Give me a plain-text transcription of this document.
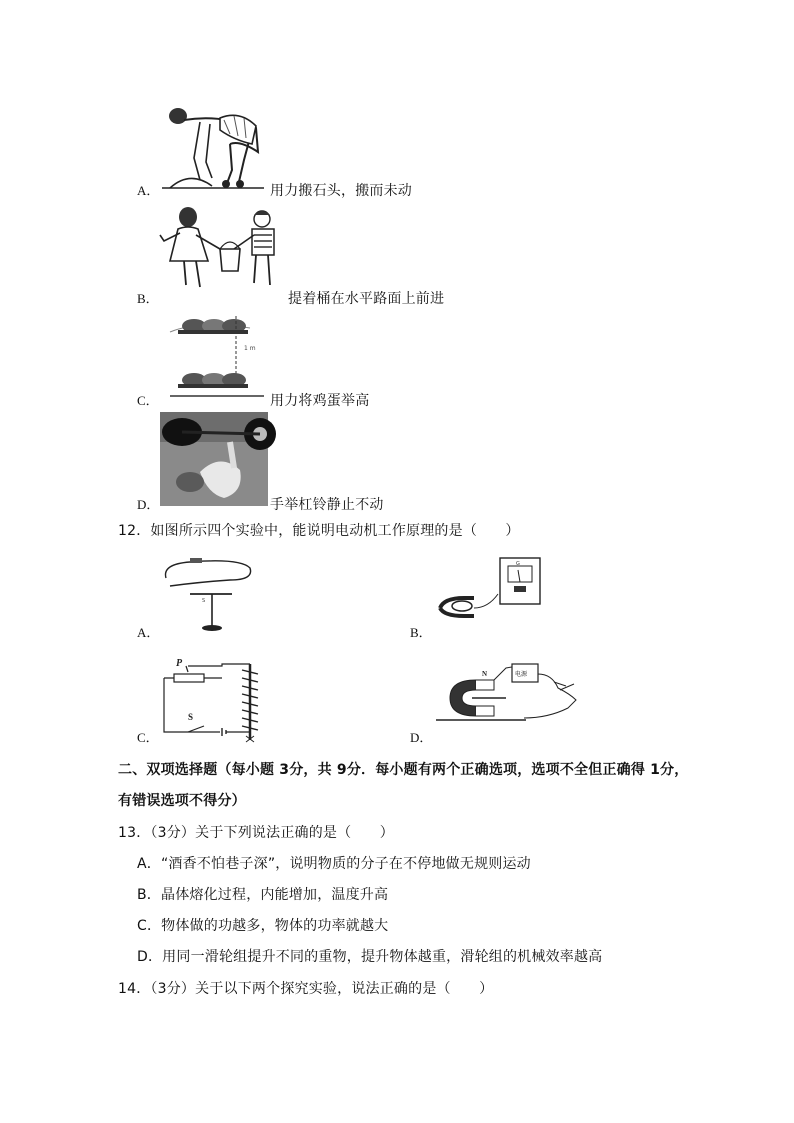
A．	用力搬石头，搬而未动
B．	提着桶在水平路面上前进
1 m
C．	用力将鸡蛋举高
D．	手举杠铃静止不动
12．如图所示四个实验中，能说明电动机工作原理的是（　　）
-
S
A．
G
B．
P
S
C．
N	电源
D．
二、双项选择题（每小题 3分，共 9分．每小题有两个正确选项，选项不全但正确得 1分，
有错误选项不得分）
13．（3分）关于下列说法正确的是（　　）
A．“酒香不怕巷子深”，说明物质的分子在不停地做无规则运动
B．晶体熔化过程，内能增加，温度升高
C．物体做的功越多，物体的功率就越大
D．用同一滑轮组提升不同的重物，提升物体越重，滑轮组的机械效率越高
14．（3分）关于以下两个探究实验，说法正确的是（　　）
